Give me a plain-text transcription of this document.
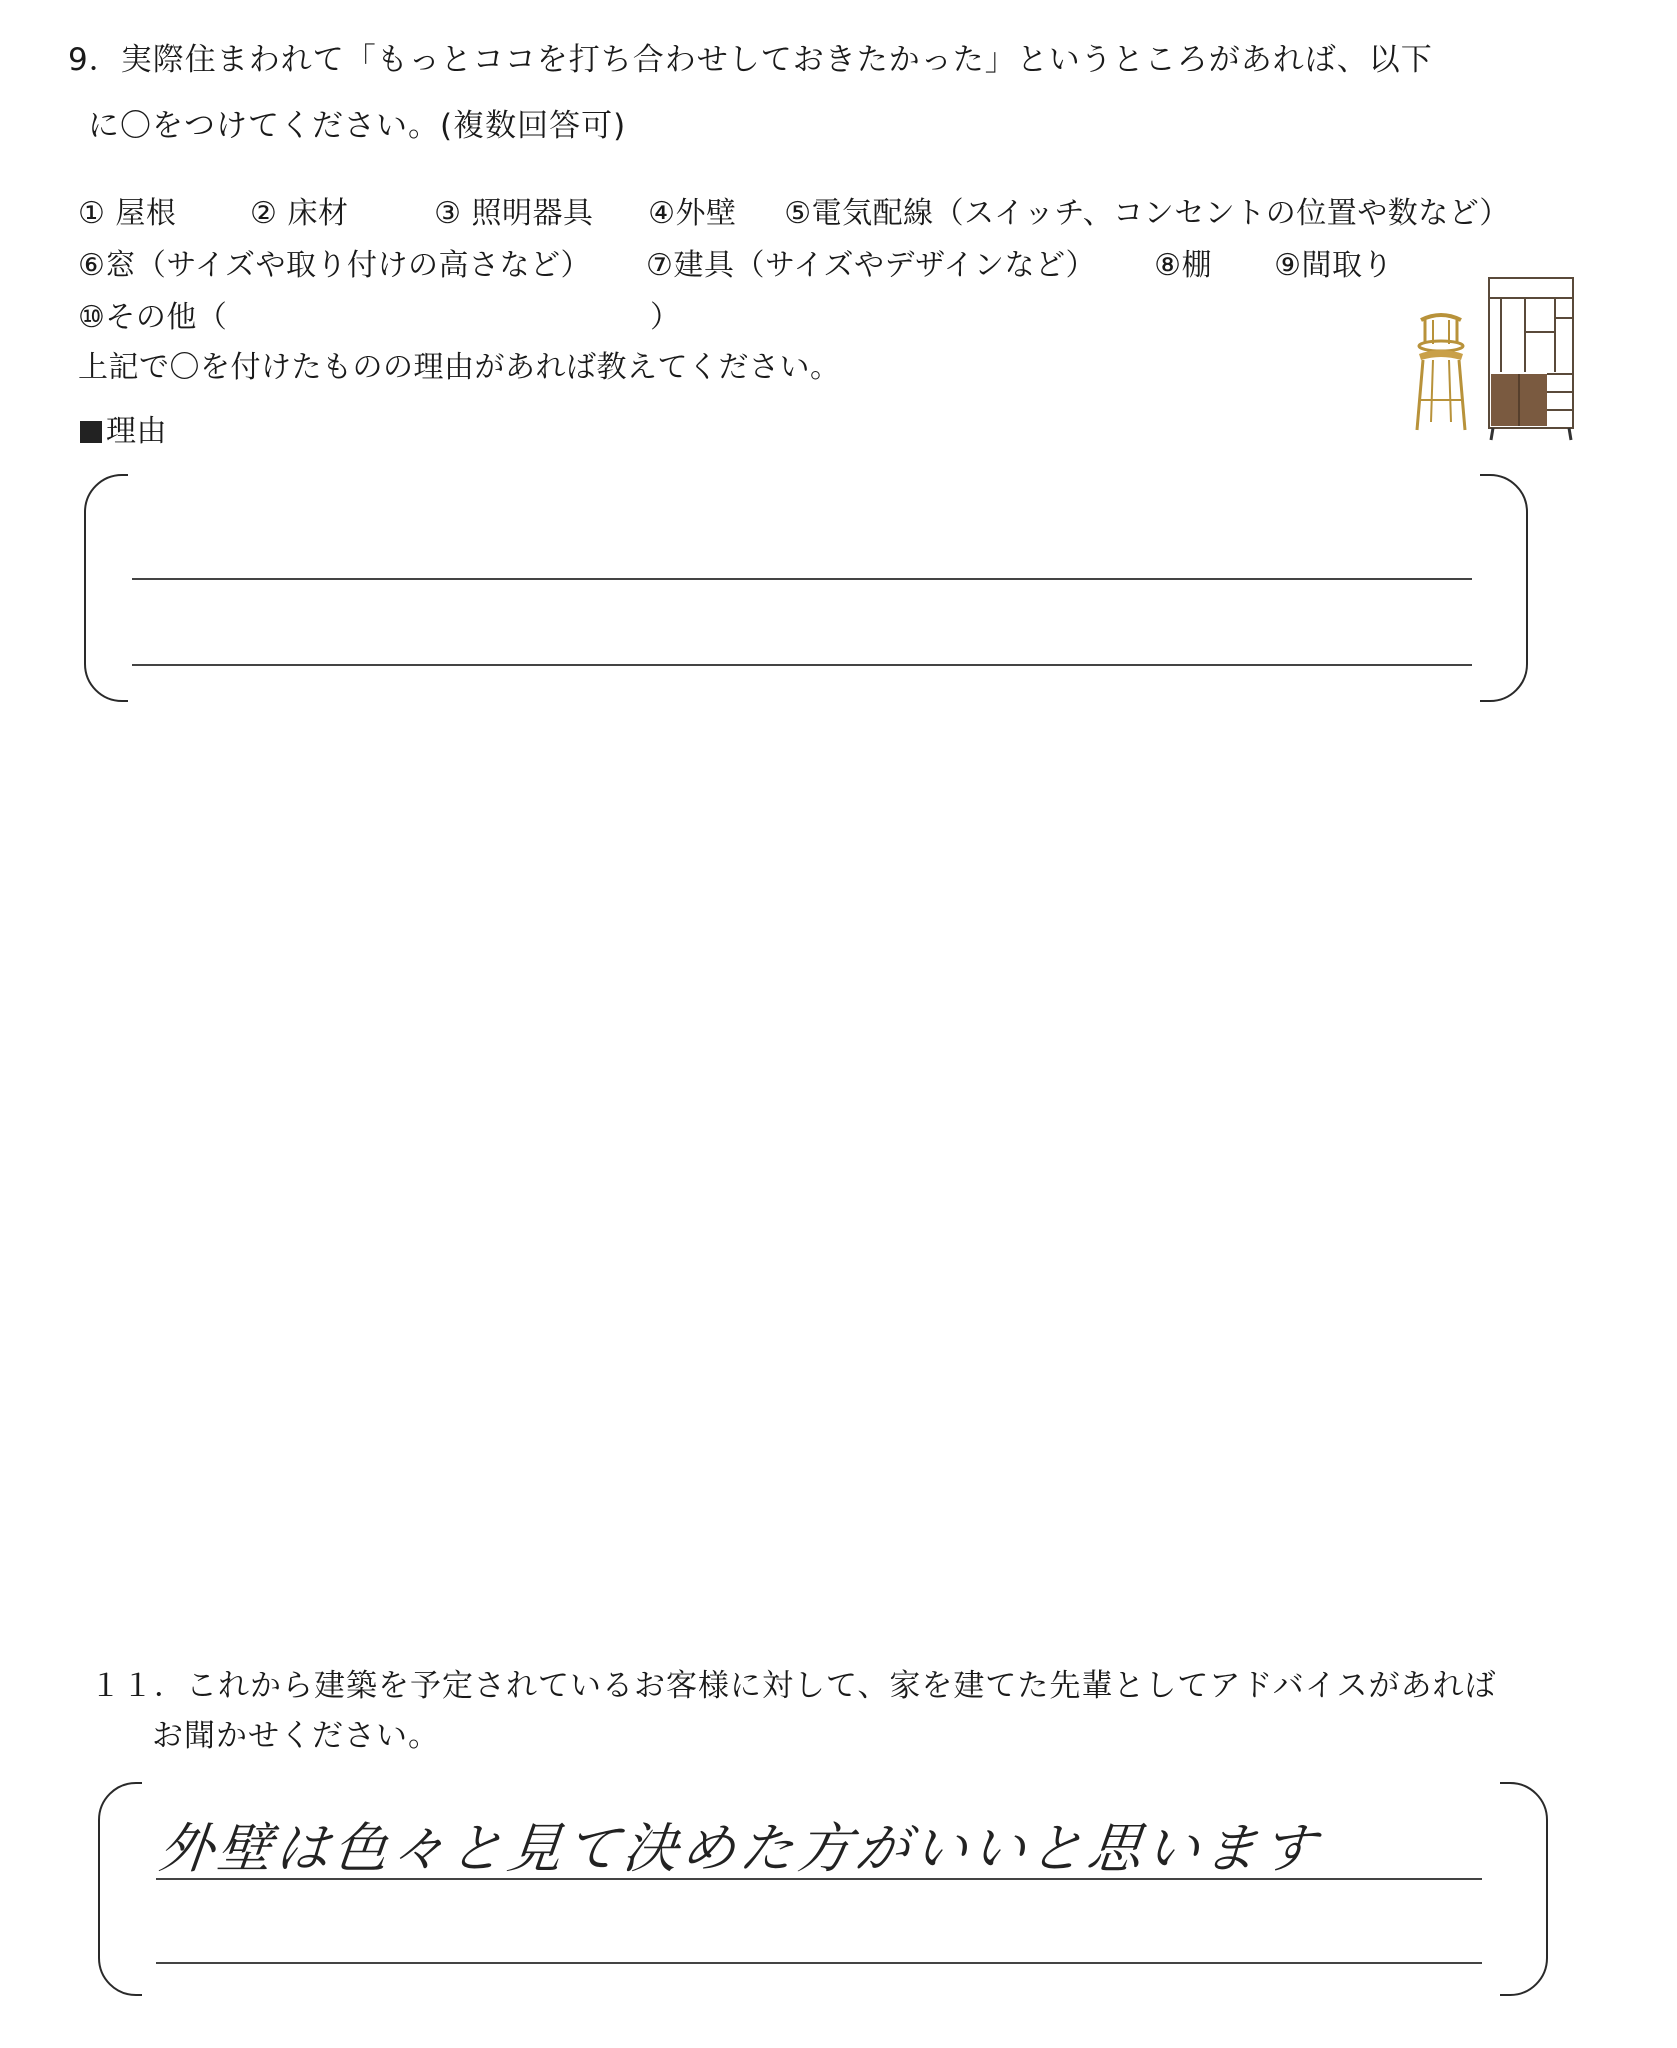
9．実際住まわれて「もっとココを打ち合わせしておきたかった」というところがあれば、以下
に〇をつけてください。(複数回答可)
① 屋根 ② 床材	③ 照明器具 ④外壁 ⑤電気配線（スイッチ、コンセントの位置や数など）
⑥窓（サイズや取り付けの高さなど） ⑦建具（サイズやデザインなど） ⑧棚 ⑨間取り
⑩その他（	）
上記で〇を付けたものの理由があれば教えてください。
理由
１１．これから建築を予定されているお客様に対して、家を建てた先輩としてアドバイスがあれば
お聞かせください。
外壁は色々と見て決めた方がいいと思います
